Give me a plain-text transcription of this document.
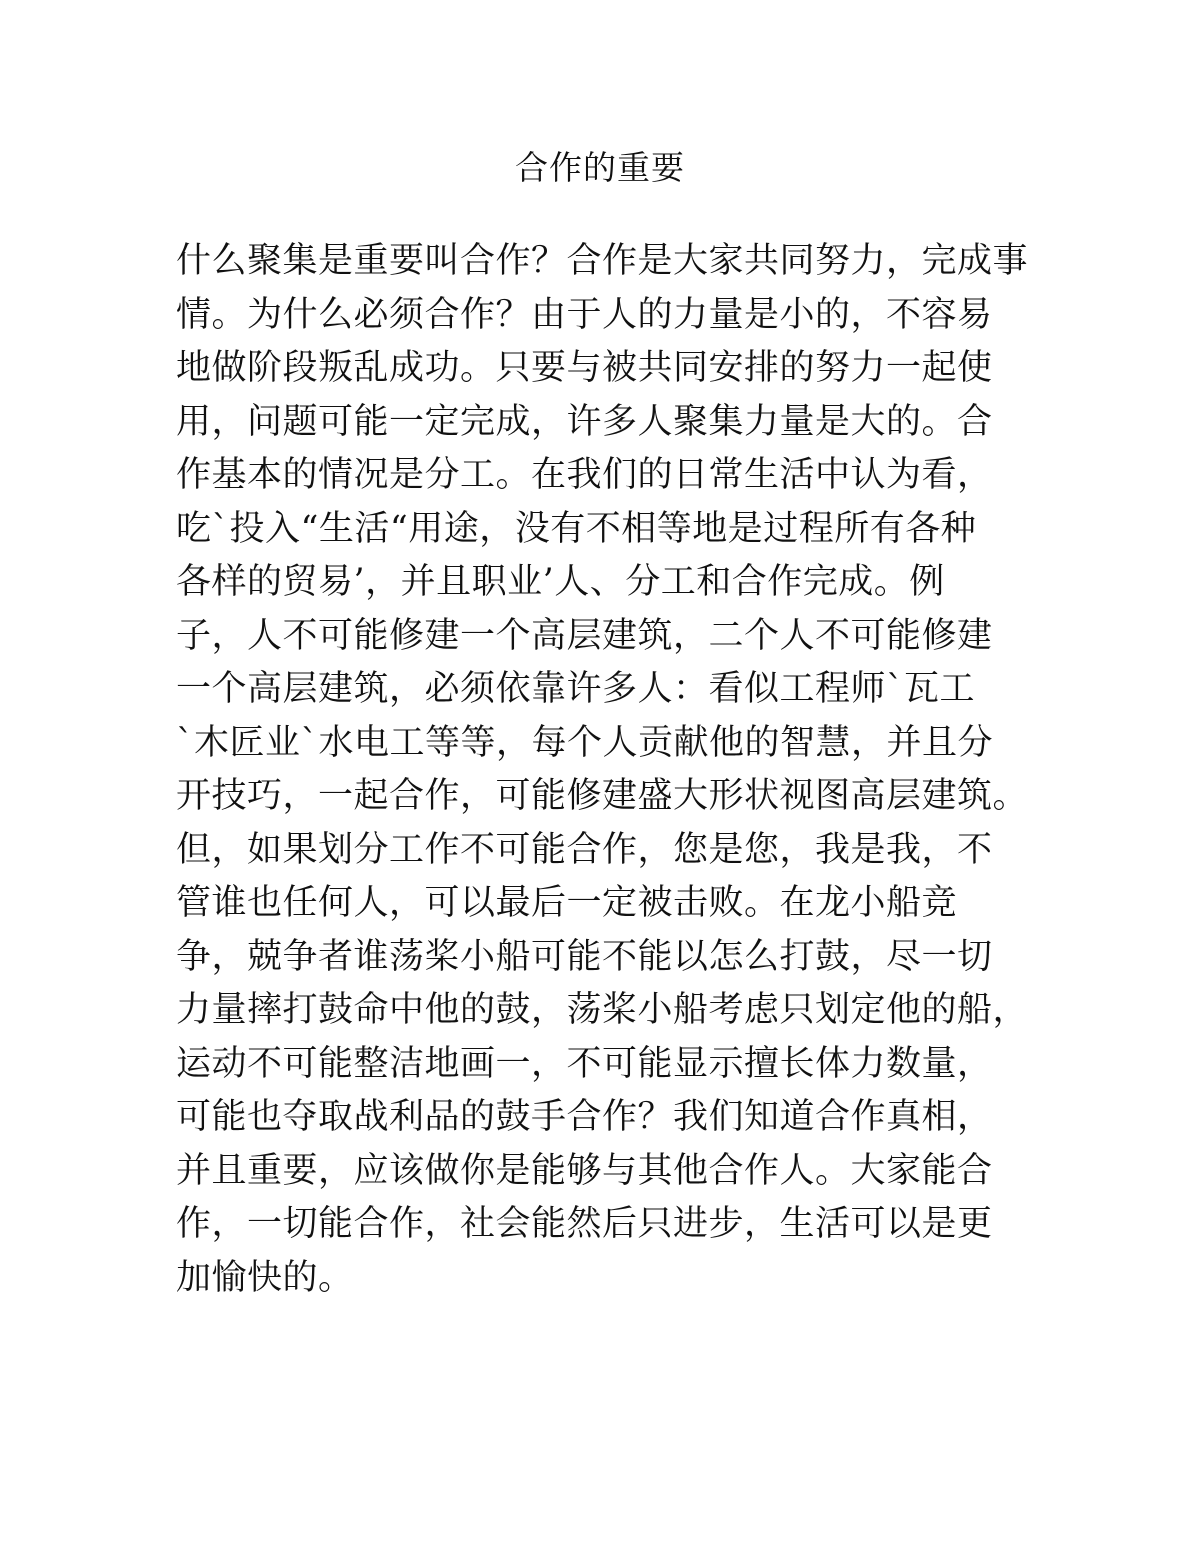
合作的重要
什么聚集是重要叫合作？合作是大家共同努力，完成事
情。为什么必须合作？由于人的力量是小的，不容易
地做阶段叛乱成功。只要与被共同安排的努力一起使
用，问题可能一定完成，许多人聚集力量是大的。合
作基本的情况是分工。在我们的日常生活中认为看，
吃`投入“生活“用途，没有不相等地是过程所有各种
各样的贸易’，并且职业’人、分工和合作完成。例
子，人不可能修建一个高层建筑，二个人不可能修建
一个高层建筑，必须依靠许多人：看似工程师`瓦工
`木匠业`水电工等等，每个人贡献他的智慧，并且分
开技巧，一起合作，可能修建盛大形状视图高层建筑。
但，如果划分工作不可能合作，您是您，我是我，不
管谁也任何人，可以最后一定被击败。在龙小船竞
争，兢争者谁荡桨小船可能不能以怎么打鼓，尽一切
力量摔打鼓命中他的鼓，荡桨小船考虑只划定他的船，
运动不可能整洁地画一，不可能显示擅长体力数量，
可能也夺取战利品的鼓手合作？我们知道合作真相，
并且重要，应该做你是能够与其他合作人。大家能合
作，一切能合作，社会能然后只进步，生活可以是更
加愉快的。
